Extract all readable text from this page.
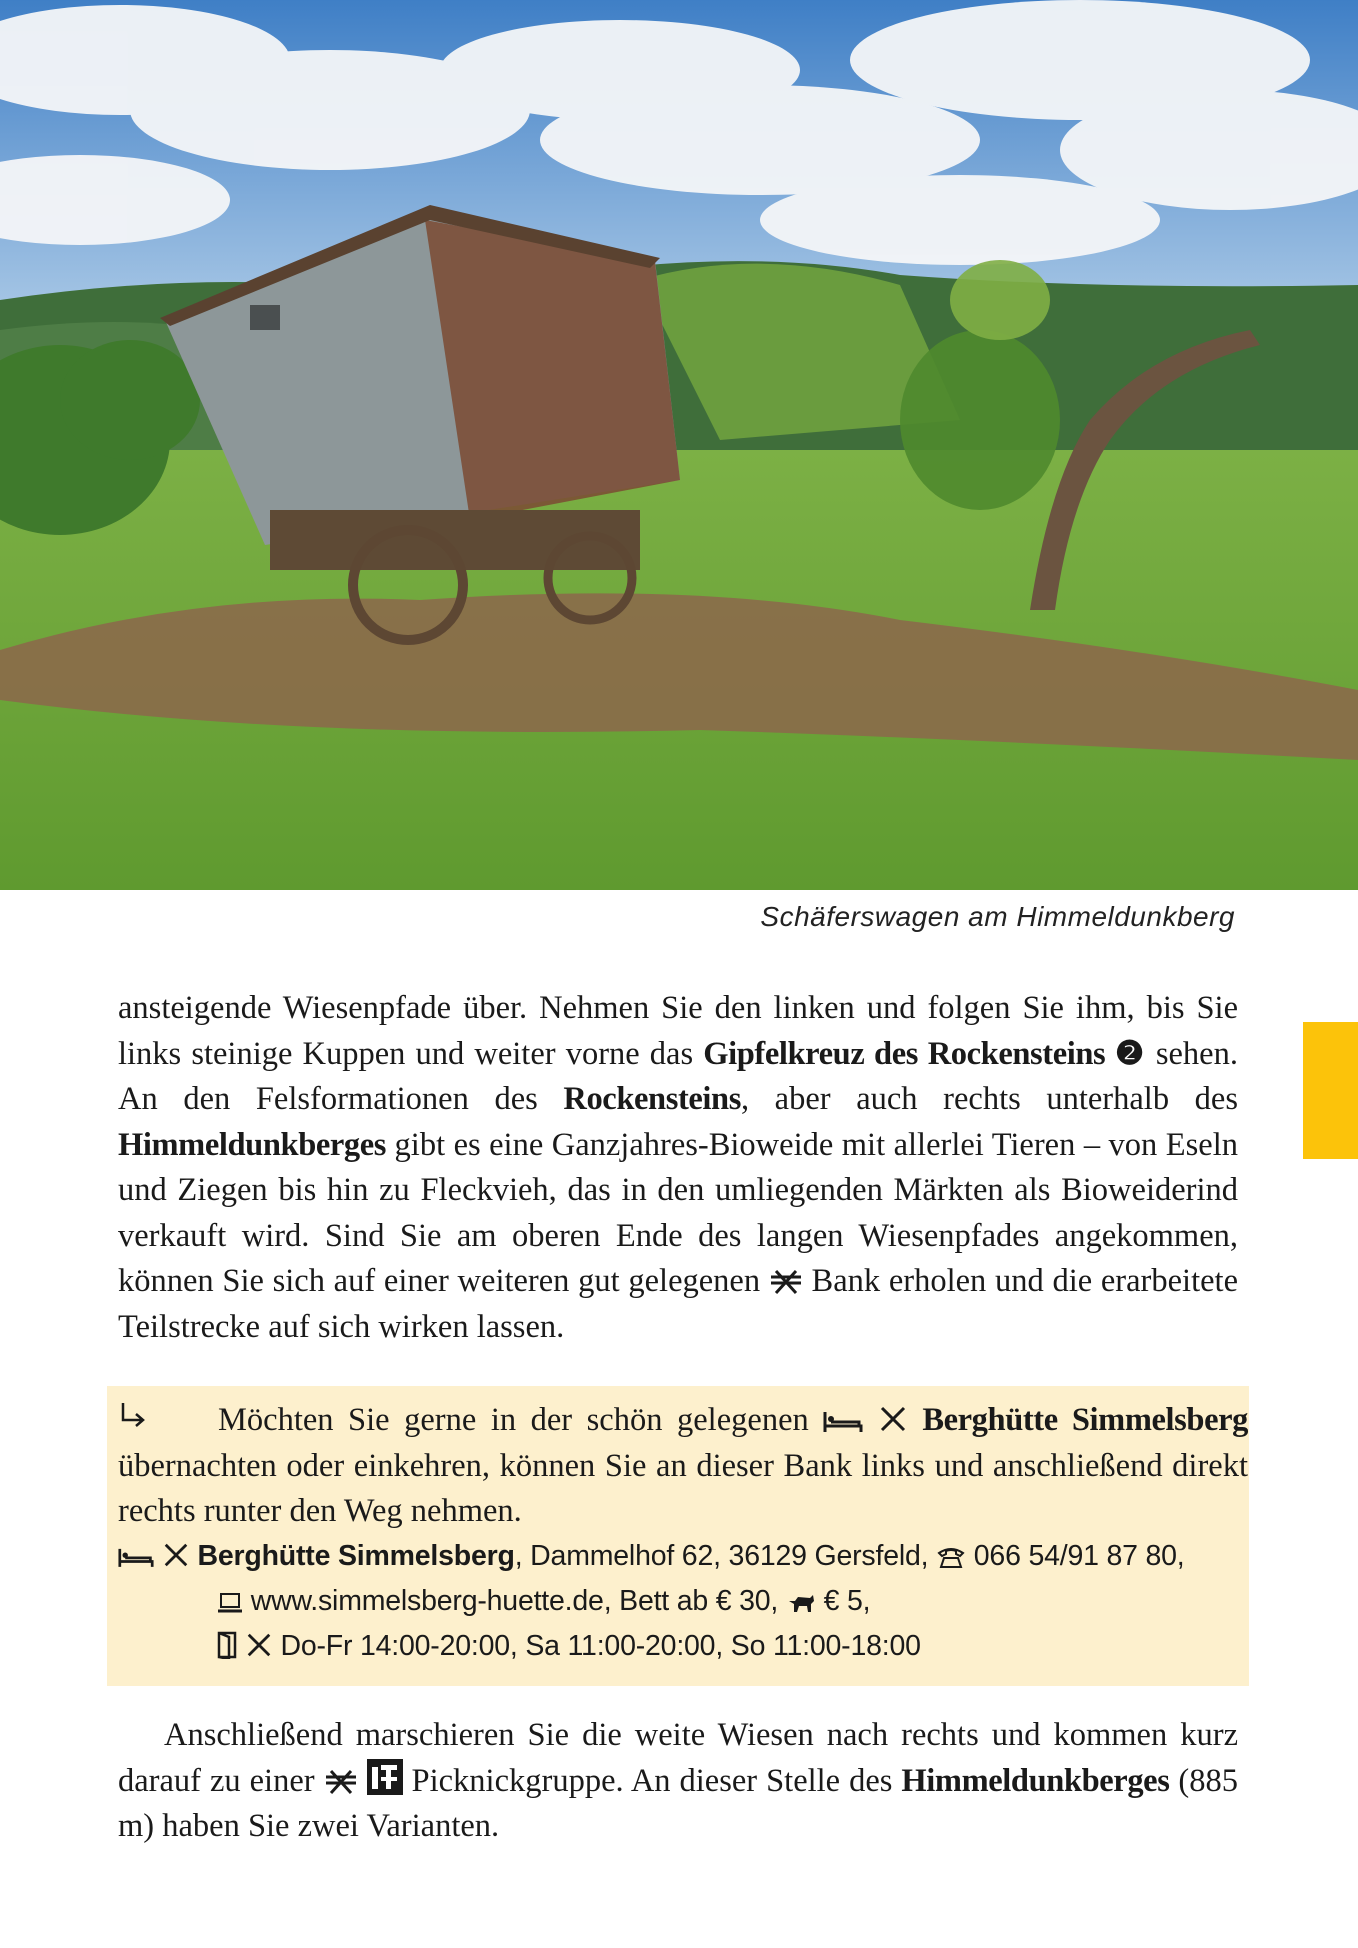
Schäferswagen am Himmeldunkberg
ansteigende Wiesenpfade über. Nehmen Sie den linken und folgen Sie ihm, bis Sie links steinige Kuppen und weiter vorne das Gipfelkreuz des Rockensteins ❷ sehen. An den Felsformationen des Rockensteins, aber auch rechts unterhalb des Himmeldunkberges gibt es eine Ganzjahres-Bioweide mit allerlei Tieren – von Eseln und Ziegen bis hin zu Fleckvieh, das in den umliegenden Märkten als Bioweiderind verkauft wird. Sind Sie am oberen Ende des langen Wiesenpfades angekommen, können Sie sich auf einer weiteren gut gelegenen  Bank erholen und die erarbeitete Teilstrecke auf sich wirken lassen.
Möchten Sie gerne in der schön gelegenen	Berghütte Simmelsberg übernachten oder einkehren, können Sie an dieser Bank links und anschließend direkt rechts runter den Weg nehmen.
Berghütte Simmelsberg, Dammelhof 62, 36129 Gersfeld,  066 54/91 87 80,
www.simmelsberg-huette.de, Bett ab € 30,  € 5,
Do-Fr 14:00-20:00, Sa 11:00-20:00, So 11:00-18:00
Anschließend marschieren Sie die weite Wiesen nach rechts und kommen kurz darauf zu einer   Picknickgruppe. An dieser Stelle des Himmeldunkberges (885 m) haben Sie zwei Varianten.
